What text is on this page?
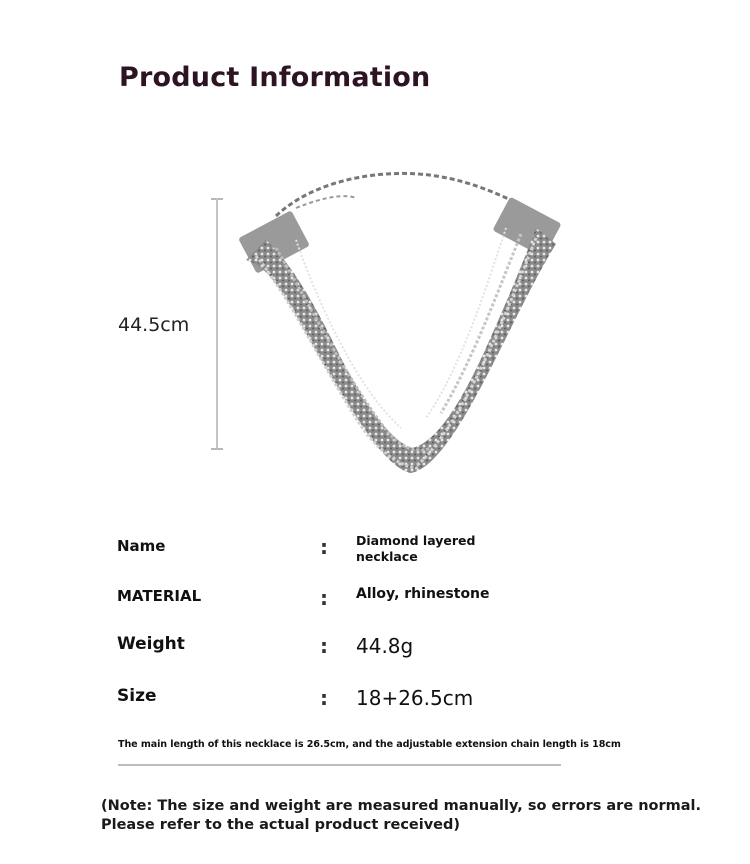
Product Information
44.5cm
Name	: Diamond layered necklace
MATERIAL	: Alloy, rhinestone
Weight	: 44.8g
Size	: 18+26.5cm
The main length of this necklace is 26.5cm, and the adjustable extension chain length is 18cm
(Note: The size and weight are measured manually, so errors are normal. Please refer to the actual product received)
